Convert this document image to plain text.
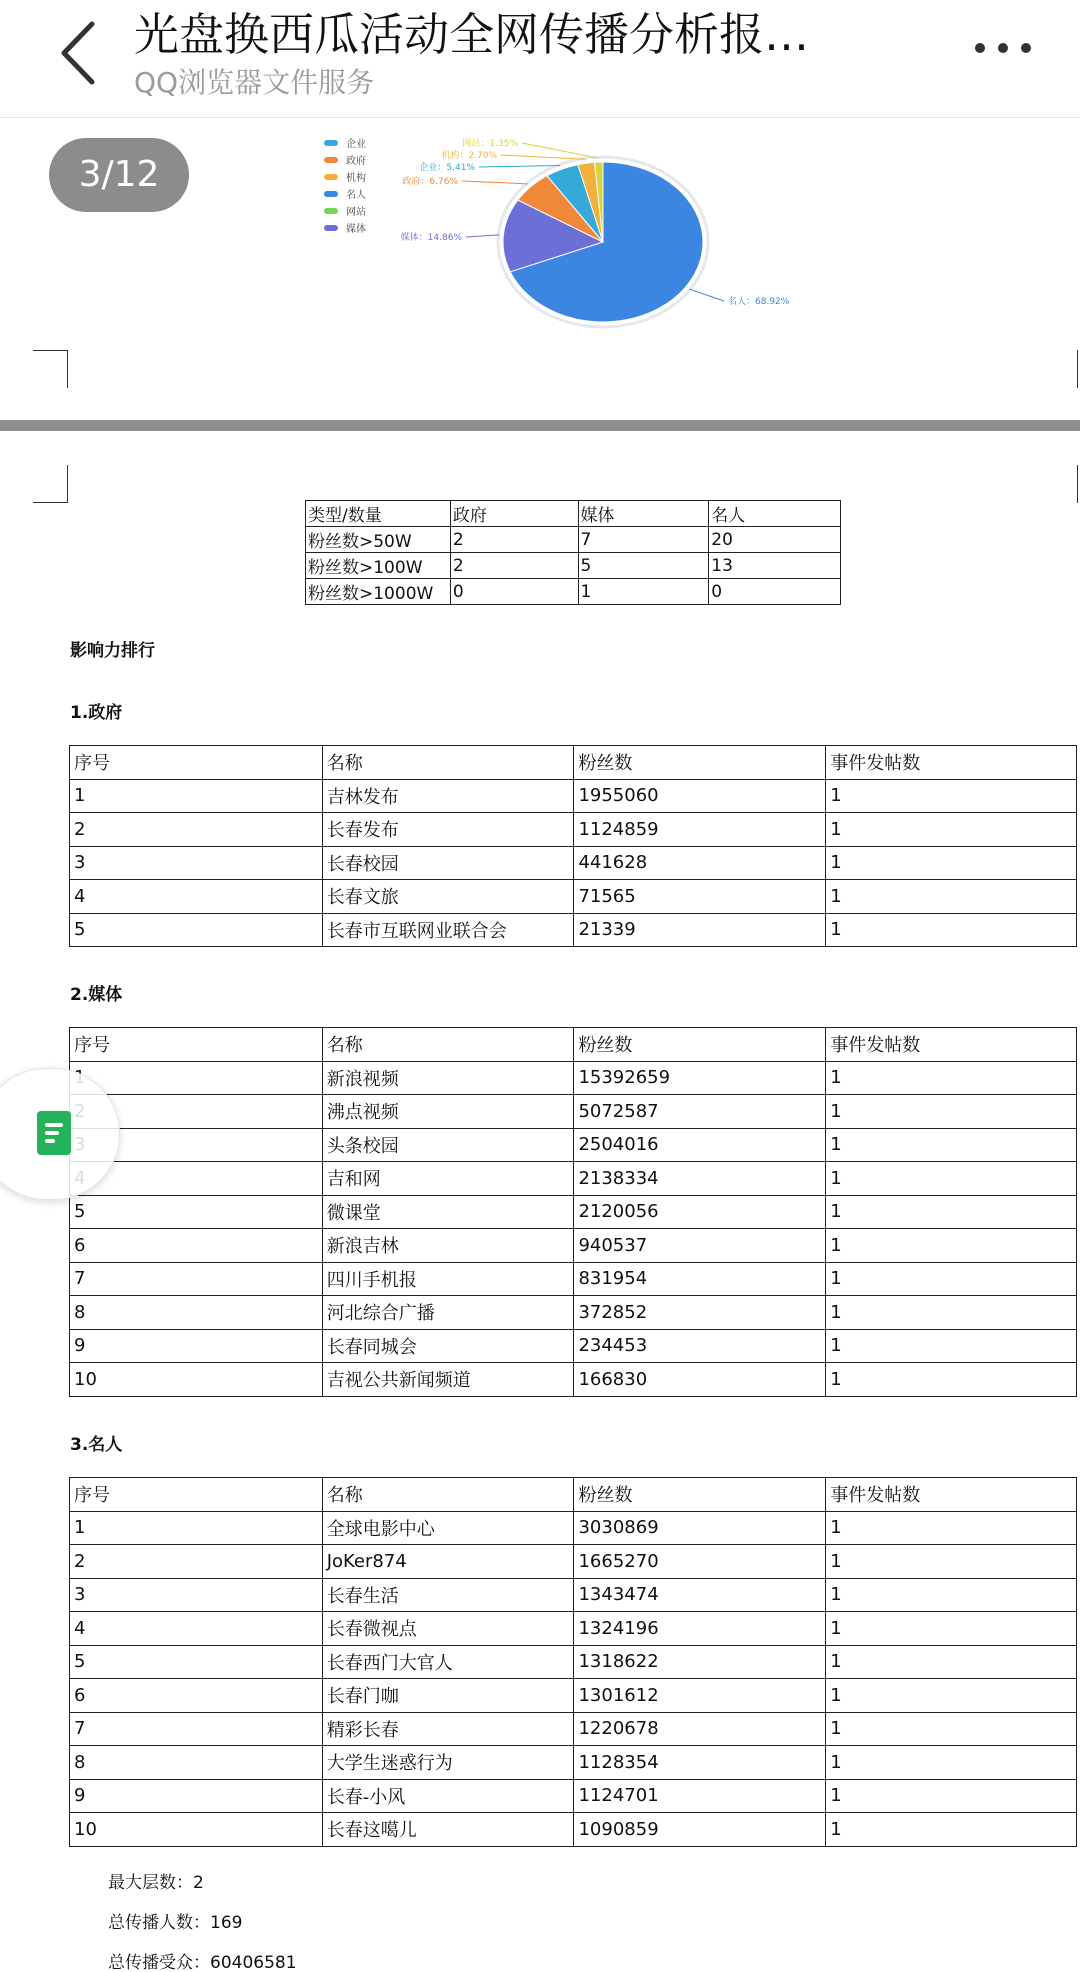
光盘换西瓜活动全网传播分析报…
QQ浏览器文件服务
3/12
企业
政府
机构
名人
网站
媒体
名人：68.92%
媒体：14.86%
政府：6.76%
企业：5.41%
机构：2.70%
网站：1.35%
类型/数量	政府	媒体	名人
粉丝数>50W	2	7	20
粉丝数>100W	2	5	13
粉丝数>1000W	0	1	0
影响力排行
1.政府
序号	名称	粉丝数	事件发帖数
1	吉林发布	1955060	1
2	长春发布	1124859	1
3	长春校园	441628	1
4	长春文旅	71565	1
5	长春市互联网业联合会	21339	1
2.媒体
序号	名称	粉丝数	事件发帖数
	新浪视频	15392659	1
	沸点视频	5072587	1
	头条校园	2504016	1
	吉和网	2138334	1
5	微课堂	2120056	1
6	新浪吉林	940537	1
7	四川手机报	831954	1
8	河北综合广播	372852	1
9	长春同城会	234453	1
10	吉视公共新闻频道	166830	1
3.名人
序号	名称	粉丝数	事件发帖数
1	全球电影中心	3030869	1
2	JoKer874	1665270	1
3	长春生活	1343474	1
4	长春微视点	1324196	1
5	长春西门大官人	1318622	1
6	长春门咖	1301612	1
7	精彩长春	1220678	1
8	大学生迷惑行为	1128354	1
9	长春-小风	1124701	1
10	长春这噶儿	1090859	1
最大层数：2
总传播人数：169
总传播受众：60406581
